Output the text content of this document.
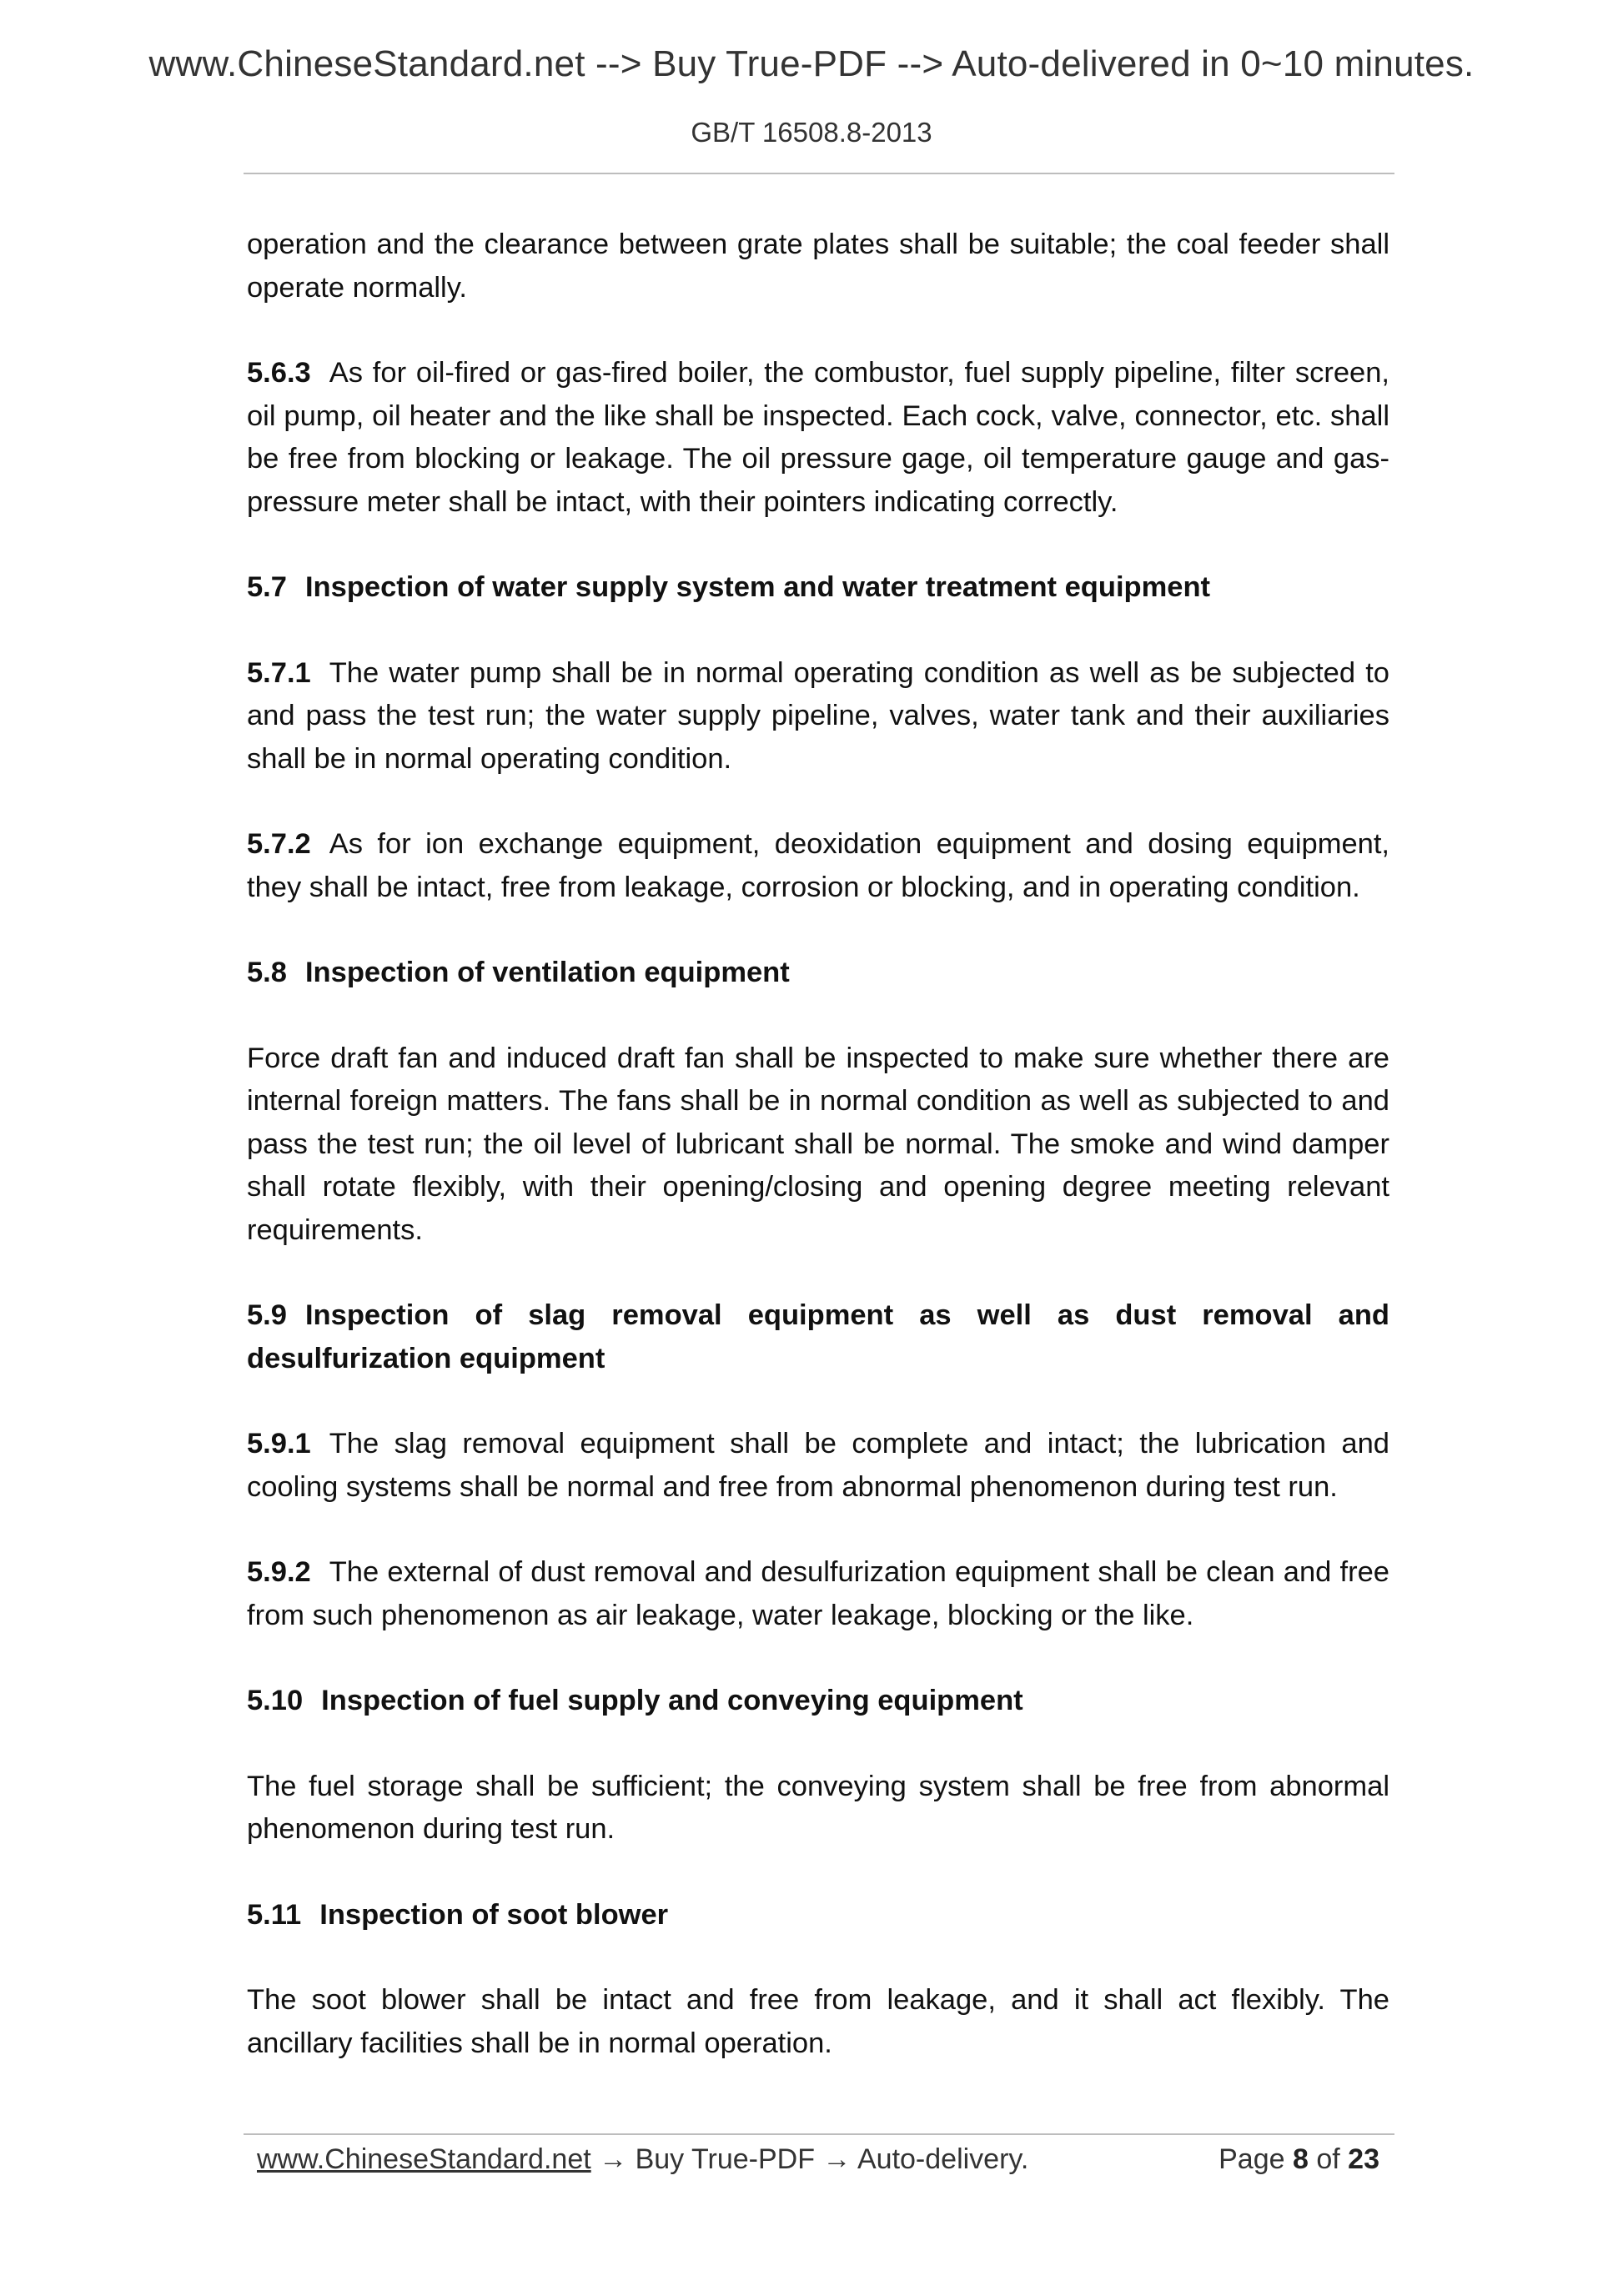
www.ChineseStandard.net --> Buy True-PDF --> Auto-delivered in 0~10 minutes.
GB/T 16508.8-2013

operation and the clearance between grate plates shall be suitable; the coal feeder shall operate normally.

5.6.3 As for oil-fired or gas-fired boiler, the combustor, fuel supply pipeline, filter screen, oil pump, oil heater and the like shall be inspected. Each cock, valve, connector, etc. shall be free from blocking or leakage. The oil pressure gage, oil temperature gauge and gas-pressure meter shall be intact, with their pointers indicating correctly.

5.7 Inspection of water supply system and water treatment equipment

5.7.1 The water pump shall be in normal operating condition as well as be subjected to and pass the test run; the water supply pipeline, valves, water tank and their auxiliaries shall be in normal operating condition.

5.7.2 As for ion exchange equipment, deoxidation equipment and dosing equipment, they shall be intact, free from leakage, corrosion or blocking, and in operating condition.

5.8 Inspection of ventilation equipment

Force draft fan and induced draft fan shall be inspected to make sure whether there are internal foreign matters. The fans shall be in normal condition as well as subjected to and pass the test run; the oil level of lubricant shall be normal. The smoke and wind damper shall rotate flexibly, with their opening/closing and opening degree meeting relevant requirements.

5.9 Inspection of slag removal equipment as well as dust removal and desulfurization equipment

5.9.1 The slag removal equipment shall be complete and intact; the lubrication and cooling systems shall be normal and free from abnormal phenomenon during test run.

5.9.2 The external of dust removal and desulfurization equipment shall be clean and free from such phenomenon as air leakage, water leakage, blocking or the like.

5.10 Inspection of fuel supply and conveying equipment

The fuel storage shall be sufficient; the conveying system shall be free from abnormal phenomenon during test run.

5.11 Inspection of soot blower

The soot blower shall be intact and free from leakage, and it shall act flexibly. The ancillary facilities shall be in normal operation.

www.ChineseStandard.net → Buy True-PDF → Auto-delivery.	Page 8 of 23
